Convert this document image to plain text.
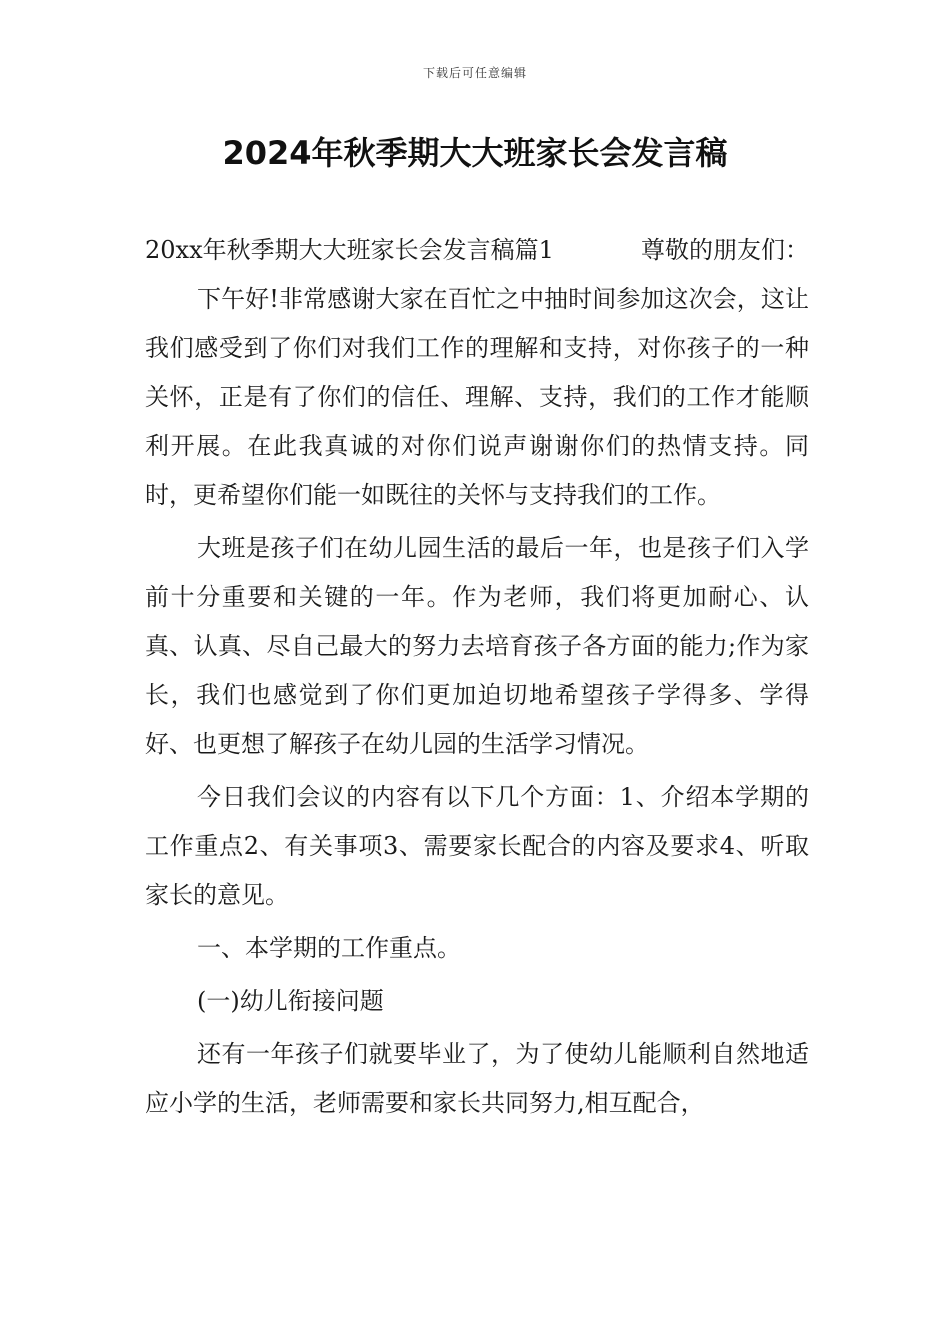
下载后可任意编辑
2024年秋季期大大班家长会发言稿
20xx年秋季期大大班家长会发言稿篇1	尊敬的朋友们：

下午好!非常感谢大家在百忙之中抽时间参加这次会，这让我们感受到了你们对我们工作的理解和支持，对你孩子的一种关怀，正是有了你们的信任、理解、支持，我们的工作才能顺利开展。在此我真诚的对你们说声谢谢你们的热情支持。同时，更希望你们能一如既往的关怀与支持我们的工作。

大班是孩子们在幼儿园生活的最后一年，也是孩子们入学前十分重要和关键的一年。作为老师，我们将更加耐心、认真、认真、尽自己最大的努力去培育孩子各方面的能力;作为家长，我们也感觉到了你们更加迫切地希望孩子学得多、学得好、也更想了解孩子在幼儿园的生活学习情况。

今日我们会议的内容有以下几个方面：1、介绍本学期的工作重点2、有关事项3、需要家长配合的内容及要求4、听取家长的意见。

一、本学期的工作重点。

(一)幼儿衔接问题

还有一年孩子们就要毕业了，为了使幼儿能顺利自然地适应小学的生活，老师需要和家长共同努力,相互配合，
